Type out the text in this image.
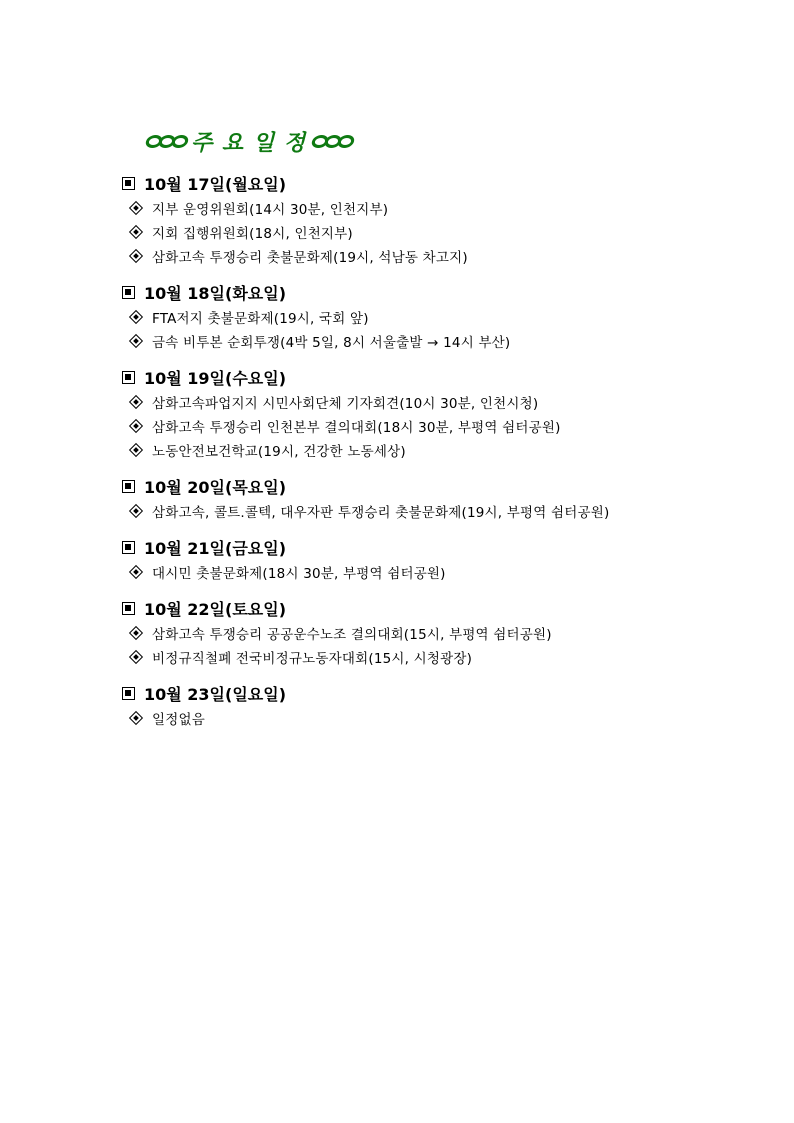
주 요 일 정
10월 17일(월요일)
지부 운영위원회(14시 30분, 인천지부)
지회 집행위원회(18시, 인천지부)
삼화고속 투쟁승리 촛불문화제(19시, 석남동 차고지)
10월 18일(화요일)
FTA저지 촛불문화제(19시, 국회 앞)
금속 비투본 순회투쟁(4박 5일, 8시 서울출발 → 14시 부산)
10월 19일(수요일)
삼화고속파업지지 시민사회단체 기자회견(10시 30분, 인천시청)
삼화고속 투쟁승리 인천본부 결의대회(18시 30분, 부평역 쉼터공원)
노동안전보건학교(19시, 건강한 노동세상)
10월 20일(목요일)
삼화고속, 콜트.콜텍, 대우자판 투쟁승리 촛불문화제(19시, 부평역 쉼터공원)
10월 21일(금요일)
대시민 촛불문화제(18시 30분, 부평역 쉼터공원)
10월 22일(토요일)
삼화고속 투쟁승리 공공운수노조 결의대회(15시, 부평역 쉼터공원)
비정규직철폐 전국비정규노동자대회(15시, 시청광장)
10월 23일(일요일)
일정없음
